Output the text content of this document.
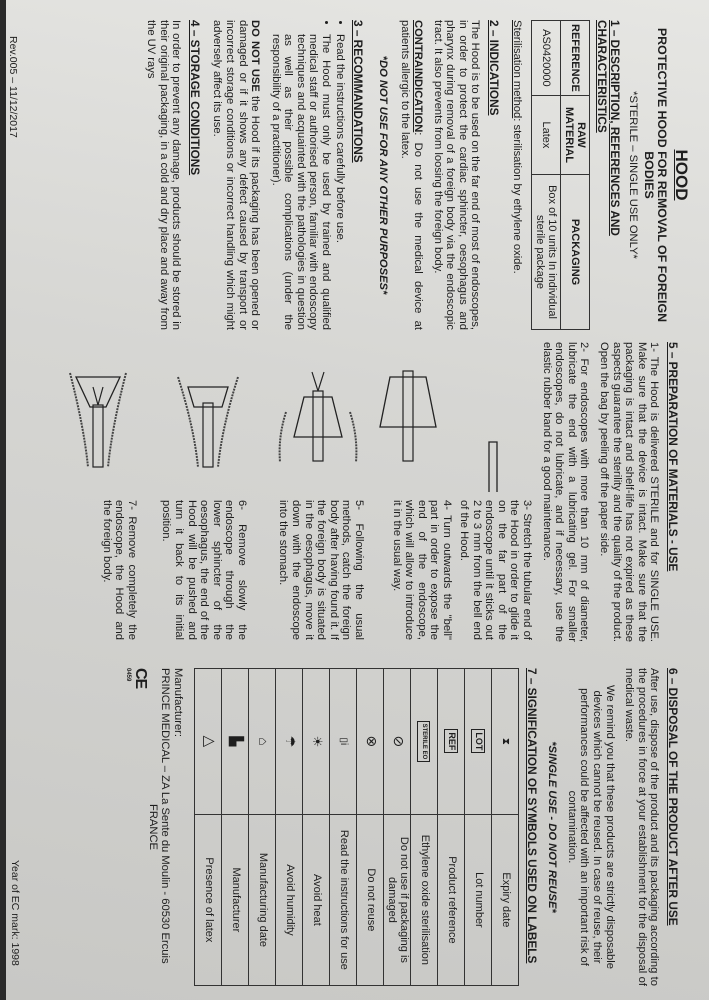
HOOD
PROTECTIVE HOOD FOR REMOVAL OF FOREIGN BODIES
*STERILE – SINGLE USE ONLY*
1 – DESCRIPTION, REFERENCES AND CHARACTERISTICS
REFERENCE	RAW MATERIAL	PACKAGING
AS0420000	Latex	Box of 10 units In individual sterile package

Sterilisation method: sterilisation by ethylene oxide.

2 – INDICATIONS

The Hood is to be used on the far end of most of endoscopes, in order to protect the cardiac sphincter, oesophagus and pharynx during removal of a foreign body via the endoscopic tract. It also prevents from loosing the foreign body.

CONTRAINDICATION: Do not use the medical device at patients allergic to the latex.

*DO NOT USE FOR ANY OTHER PURPOSES*
3 – RECOMMANDATIONS
• Read the instructions carefully before use.
• The Hood must only be used by trained and qualified medical staff or authorised person, familiar with endoscopy techniques and acquainted with the pathologies in question as well as their possible complications (under the responsibility of a practitioner).

DO NOT USE the Hood if its packaging has been opened or damaged or if it shows any defect caused by transport or incorrect storage conditions or incorrect handling which might adversely affect its use.

4 – STORAGE CONDITIONS

In order to prevent any damage, products should be stored in their original packaging, in a cold and dry place and away from the UV rays

5 – PREPARATION OF MATERIALS - USE

1- The Hood is delivered STERILE and for SINGLE USE. Make sure that the device is intact. Make sure that the packaging is intact and shelf-life has not expired as these aspects guarantee the sterility and the quality of the product. Open the bag by peeling off the paper side.

2- For endoscopes with more than 10 mm of diameter, lubricate the end with a lubricating gel. For smaller endoscopes, do not lubricate, and if necessary, use the elastic rubber band for a good maintenance.

3- Stretch the tubular end of the Hood in order to glide it on the far part of the endoscope until it sticks out 2 to 3 mm from the bell end of the Hood.
4- Turn outwards the "bell" part in order to expose the end of the endoscope, which will allow to introduce it in the usual way.
5- Following the usual methods, catch the foreign body after having found it. If the foreign body is situated in the oesophagus, move it down with the endoscope into the stomach.
6- Remove slowly the endoscope through the lower sphincter of the oesophagus, the end of the Hood will be pushed and turn it back to its initial position.
7- Remove completely the endoscope, the Hood and the foreign body.
6 – DISPOSAL OF THE PRODUCT AFTER USE

After use, dispose of the product and its packaging according to the procedures in force at your establishment for the disposal of medical waste.

We remind you that these products are strictly disposable devices which cannot be reused. In case of reuse, their performances could be affected with an important risk of contamination.

*SINGLE USE - DO NOT REUSE*
7 – SIGNIFICATION OF SYMBOLS USED ON LABELS
⧗	Expiry date
LOT	Lot number
REF	Product reference
STERILE EO	Ethylene oxide sterilisation
⊘	Do not use if packaging is damaged
⊗	Do not reuse
▯i	Read the instructions for use
☀	Avoid heat
☂	Avoid humidity
⌂	Manufacturing date
▙	Manufacturer
△	Presence of latex
Manufacturer:
PRINCE MEDICAL – ZA La Sente du Moulin - 60530 Ercuis
FRANCE
CE
0459
Rev.005 – 11/12/2017
Year of EC mark: 1998
